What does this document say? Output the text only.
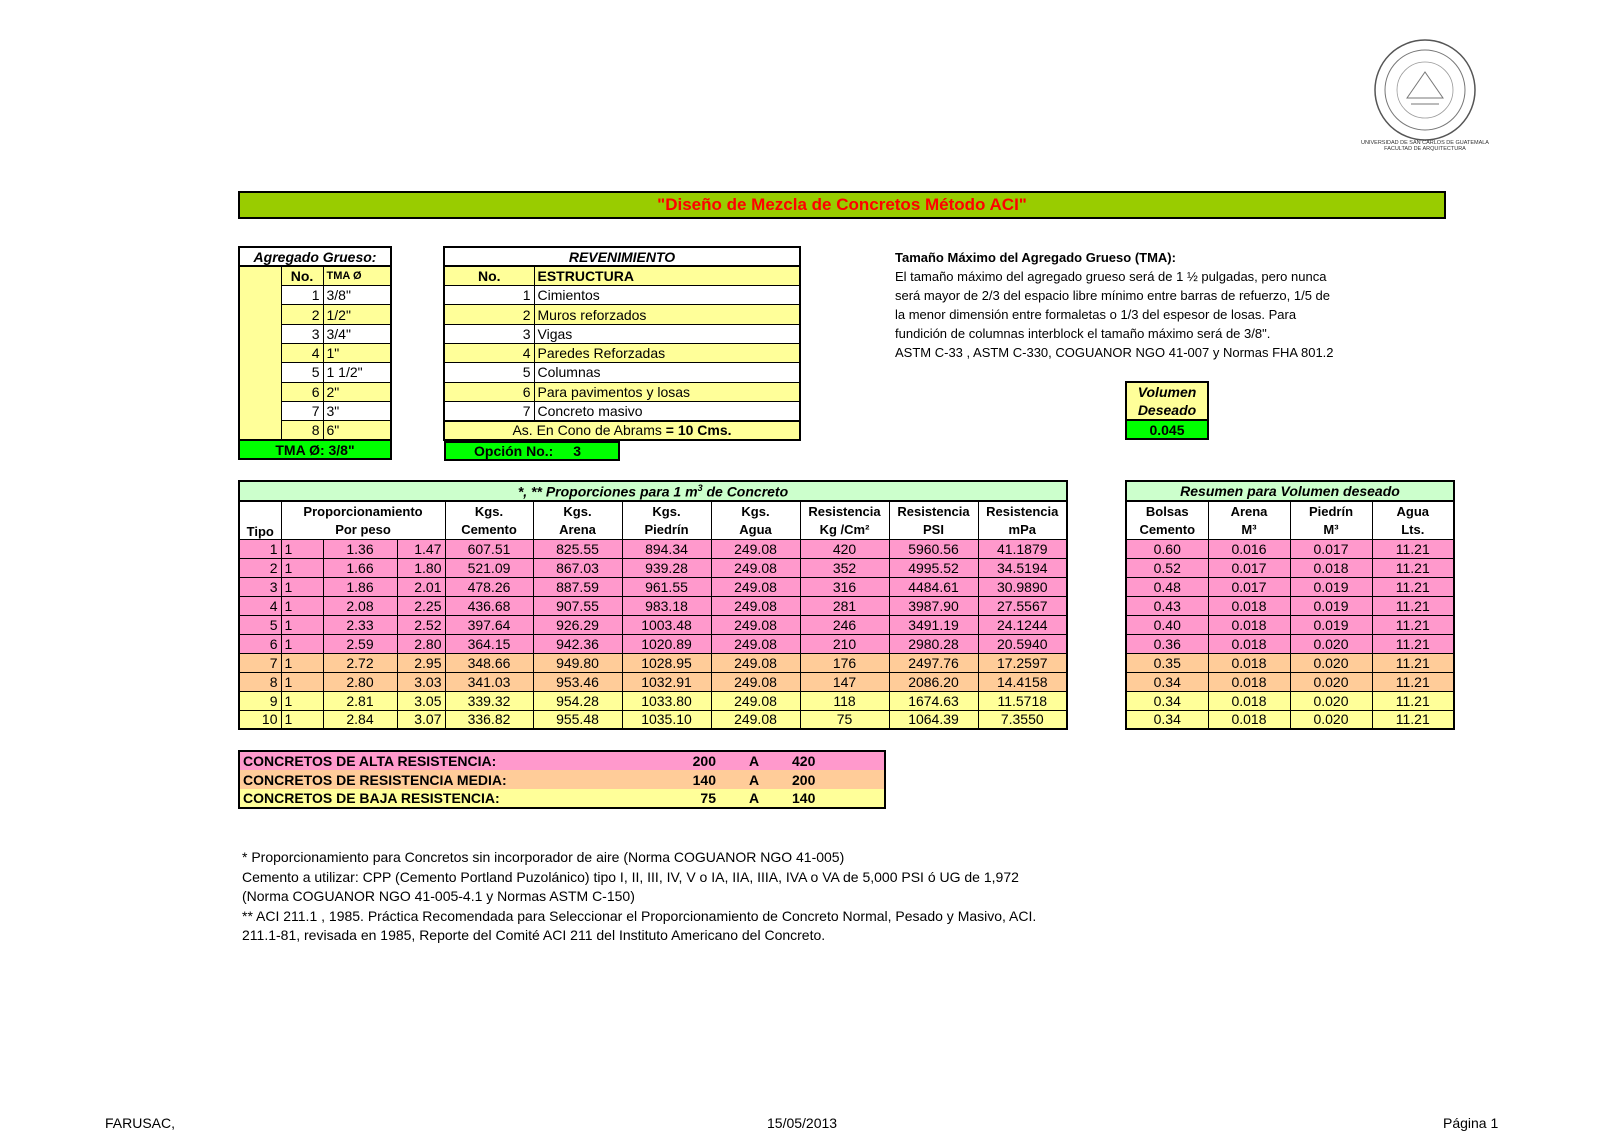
UNIVERSIDAD DE SAN CARLOS DE GUATEMALA
FACULTAD DE ARQUITECTURA
"Diseño de Mezcla de Concretos Método ACI"
Agregado Grueso:		
	No.	TMA Ø
	1	3/8"
	2	1/2"
	3	3/4"
	4	1"
	5	1 1/2"
	6	2"
	7	3"
	8	6"
TMA Ø: 3/8"		
REVENIMIENTO	
No.	ESTRUCTURA
1	Cimientos
2	Muros reforzados
3	Vigas
4	Paredes Reforzadas
5	Columnas
6	Para pavimentos y losas
7	Concreto masivo
As. En Cono de Abrams = 10 Cms.	
Opción No.: 3	
Tamaño Máximo del Agregado Grueso (TMA):
El tamaño máximo del agregado grueso será de 1 ½ pulgadas, pero nunca
será mayor de 2/3 del espacio libre mínimo entre barras de refuerzo, 1/5 de
la menor dimensión entre formaletas o 1/3 del espesor de losas. Para
fundición de columnas interblock el tamaño máximo será de 3/8".
ASTM C-33 , ASTM C-330, COGUANOR NGO 41-007 y Normas FHA 801.2
Volumen
Deseado
0.045
*, ** Proporciones para 1 $m^3$ de Concreto										
Tipo	Proporcionamiento			Kgs.	Kgs.	Kgs.	Kgs.	Resistencia	Resistencia	Resistencia
	Por peso			Cemento	Arena	Piedrín	Agua	Kg /Cm²	PSI	mPa
1	1	1.36	1.47	607.51	825.55	894.34	249.08	420	5960.56	41.1879
2	1	1.66	1.80	521.09	867.03	939.28	249.08	352	4995.52	34.5194
3	1	1.86	2.01	478.26	887.59	961.55	249.08	316	4484.61	30.9890
4	1	2.08	2.25	436.68	907.55	983.18	249.08	281	3987.90	27.5567
5	1	2.33	2.52	397.64	926.29	1003.48	249.08	246	3491.19	24.1244
6	1	2.59	2.80	364.15	942.36	1020.89	249.08	210	2980.28	20.5940
7	1	2.72	2.95	348.66	949.80	1028.95	249.08	176	2497.76	17.2597
8	1	2.80	3.03	341.03	953.46	1032.91	249.08	147	2086.20	14.4158
9	1	2.81	3.05	339.32	954.28	1033.80	249.08	118	1674.63	11.5718
10	1	2.84	3.07	336.82	955.48	1035.10	249.08	75	1064.39	7.3550
Resumen para Volumen deseado			
Bolsas	Arena	Piedrín	Agua
Cemento	M³	M³	Lts.
0.60	0.016	0.017	11.21
0.52	0.017	0.018	11.21
0.48	0.017	0.019	11.21
0.43	0.018	0.019	11.21
0.40	0.018	0.019	11.21
0.36	0.018	0.020	11.21
0.35	0.018	0.020	11.21
0.34	0.018	0.020	11.21
0.34	0.018	0.020	11.21
0.34	0.018	0.020	11.21
CONCRETOS DE ALTA RESISTENCIA:	200	A	420
CONCRETOS DE RESISTENCIA MEDIA:	140	A	200
CONCRETOS DE BAJA RESISTENCIA:	75	A	140
* Proporcionamiento para Concretos sin incorporador de aire (Norma COGUANOR NGO 41-005)
Cemento a utilizar: CPP (Cemento Portland Puzolánico) tipo I, II, III, IV, V o IA, IIA, IIIA, IVA o VA de 5,000 PSI ó UG de 1,972
(Norma COGUANOR NGO 41-005-4.1 y Normas ASTM C-150)
** ACI 211.1 , 1985. Práctica Recomendada para Seleccionar el Proporcionamiento de Concreto Normal, Pesado y Masivo, ACI.
211.1-81, revisada en 1985, Reporte del Comité ACI 211 del Instituto Americano del Concreto.
FARUSAC,	15/05/2013	Página 1
